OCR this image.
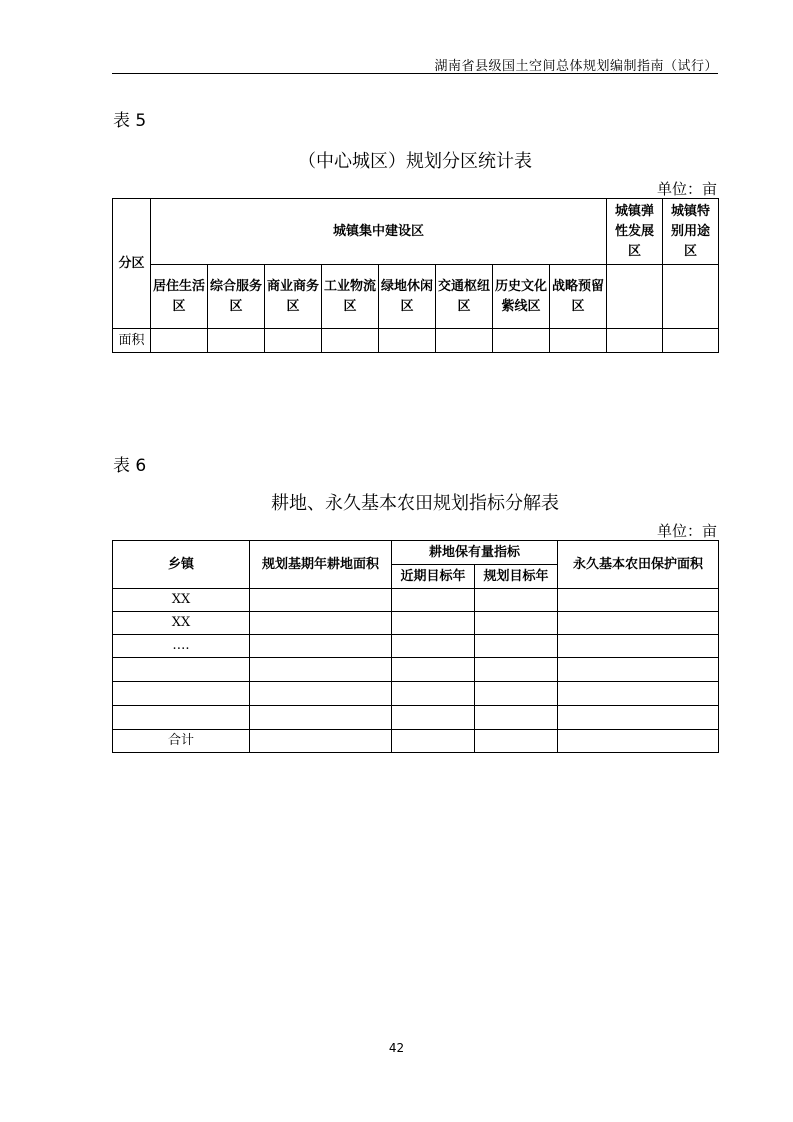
湖南省县级国土空间总体规划编制指南（试行）
表 5
（中心城区）规划分区统计表
单位：亩
分区	城镇集中建设区								城镇弹性发展区	城镇特别用途区
	居住生活区	综合服务区	商业商务区	工业物流区	绿地休闲区	交通枢纽区	历史文化紫线区	战略预留区		
面积										
表 6
耕地、永久基本农田规划指标分解表
单位：亩
乡镇	规划基期年耕地面积	耕地保有量指标		永久基本农田保护面积
		近期目标年	规划目标年	
XX				
XX				
….				

合计				
42
